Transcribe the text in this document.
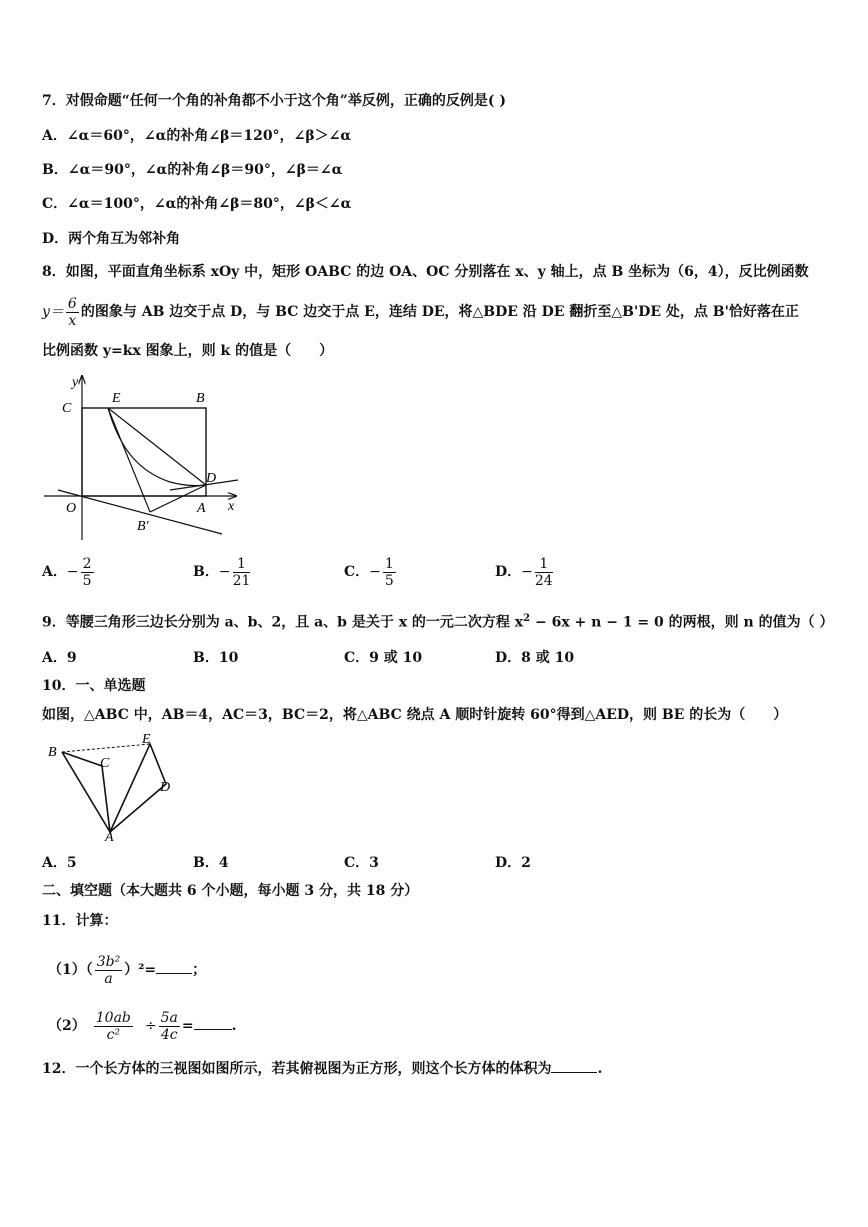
7．对假命题“任何一个角的补角都不小于这个角”举反例，正确的反例是( )
A．∠α＝60°，∠α的补角∠β＝120°，∠β＞∠α
B．∠α＝90°，∠α的补角∠β＝90°，∠β＝∠α
C．∠α＝100°，∠α的补角∠β＝80°，∠β＜∠α
D．两个角互为邻补角
8．如图，平面直角坐标系 xOy 中，矩形 OABC 的边 OA、OC 分别落在 x、y 轴上，点 B 坐标为（6，4），反比例函数
$y= \frac{6}{x}$ 的图象与 AB 边交于点 D，与 BC 边交于点 E，连结 DE，将△BDE 沿 DE 翻折至△B'DE 处，点 B'恰好落在正
比例函数 y=kx 图象上，则 k 的值是（　　）
y
C
E	B
D
O	A x
B'
A．− $\frac{2}{5}$	B．− $\frac{1}{21}$	C．− $\frac{1}{5}$	D．− $\frac{1}{24}$
9．等腰三角形三边长分别为 a、b、2，且 a、b 是关于 x 的一元二次方程 $x^2 - 6x + n - 1 = 0$ 的两根，则 n 的值为（ ）
A．9	B．10	C．9 或 10	D．8 或 10
10．一、单选题
如图，△ABC 中，AB＝4，AC＝3，BC＝2，将△ABC 绕点 A 顺时针旋转 60°得到△AED，则 BE 的长为（　　）
B
C
E
D
A
A．5	B．4	C．3	D．2
二、填空题（本大题共 6 个小题，每小题 3 分，共 18 分）
11．计算：
$(1)( \frac{\text{3b²}}{a} )^2=$	；
$(2) \frac{10ab}{\text{c²}} \div \frac{5a}{4c}$ =	.
12．一个长方体的三视图如图所示，若其俯视图为正方形，则这个长方体的体积为	.
